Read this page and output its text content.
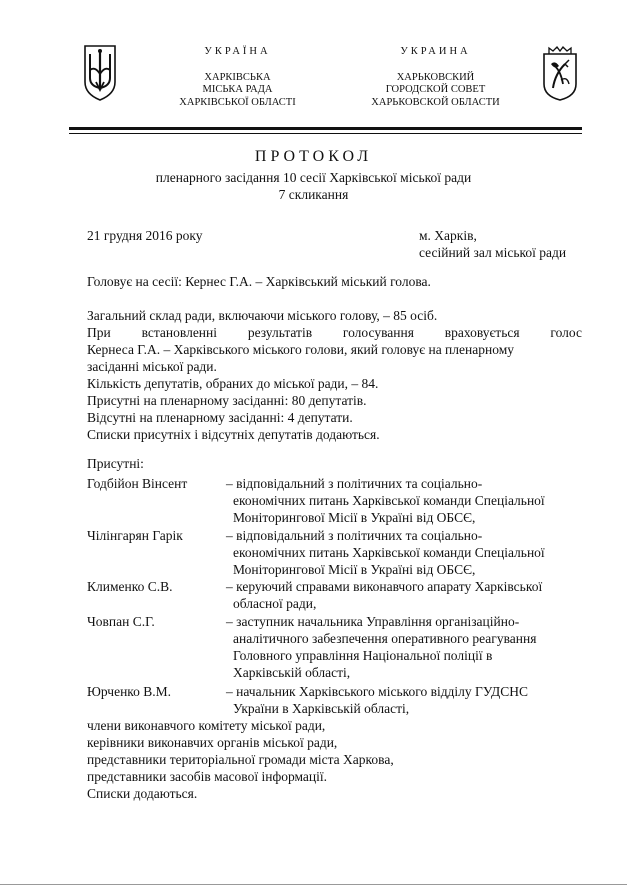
УКРАЇНА
ХАРКІВСЬКА
МІСЬКА РАДА
ХАРКІВСЬКОЇ ОБЛАСТІ
УКРАИНА
ХАРЬКОВСКИЙ
ГОРОДСКОЙ СОВЕТ
ХАРЬКОВСКОЙ ОБЛАСТИ
ПРОТОКОЛ
пленарного засідання 10 сесії Харківської міської ради
7 скликання
21 грудня 2016 року	м. Харків,
сесійний зал міської ради
Головує на сесії: Кернес Г.А. – Харківський міський голова.
Загальний склад ради, включаючи міського голову, – 85 осіб.
При встановленні результатів голосування враховується голос
Кернеса Г.А. – Харківського міського голови, який головує на пленарному
засіданні міської ради.
Кількість депутатів, обраних до міської ради, – 84.
Присутні на пленарному засіданні: 80 депутатів.
Відсутні на пленарному засіданні: 4 депутати.
Списки присутніх і відсутніх депутатів додаються.
Присутні:
Годбійон Вінсент	– відповідальний з політичних та соціально-
економічних питань Харківської команди Спеціальної
Моніторингової Місії в Україні від ОБСЄ,
Чілінгарян Гарік	– відповідальний з політичних та соціально-
економічних питань Харківської команди Спеціальної
Моніторингової Місії в Україні від ОБСЄ,
Клименко С.В.	– керуючий справами виконавчого апарату Харківської
обласної ради,
Човпан С.Г.	– заступник начальника Управління організаційно-
аналітичного забезпечення оперативного реагування
Головного управління Національної поліції в
Харківській області,
Юрченко В.М.	– начальник Харківського міського відділу ГУДСНС
України в Харківській області,
члени виконавчого комітету міської ради,
керівники виконавчих органів міської ради,
представники територіальної громади міста Харкова,
представники засобів масової інформації.
Списки додаються.
